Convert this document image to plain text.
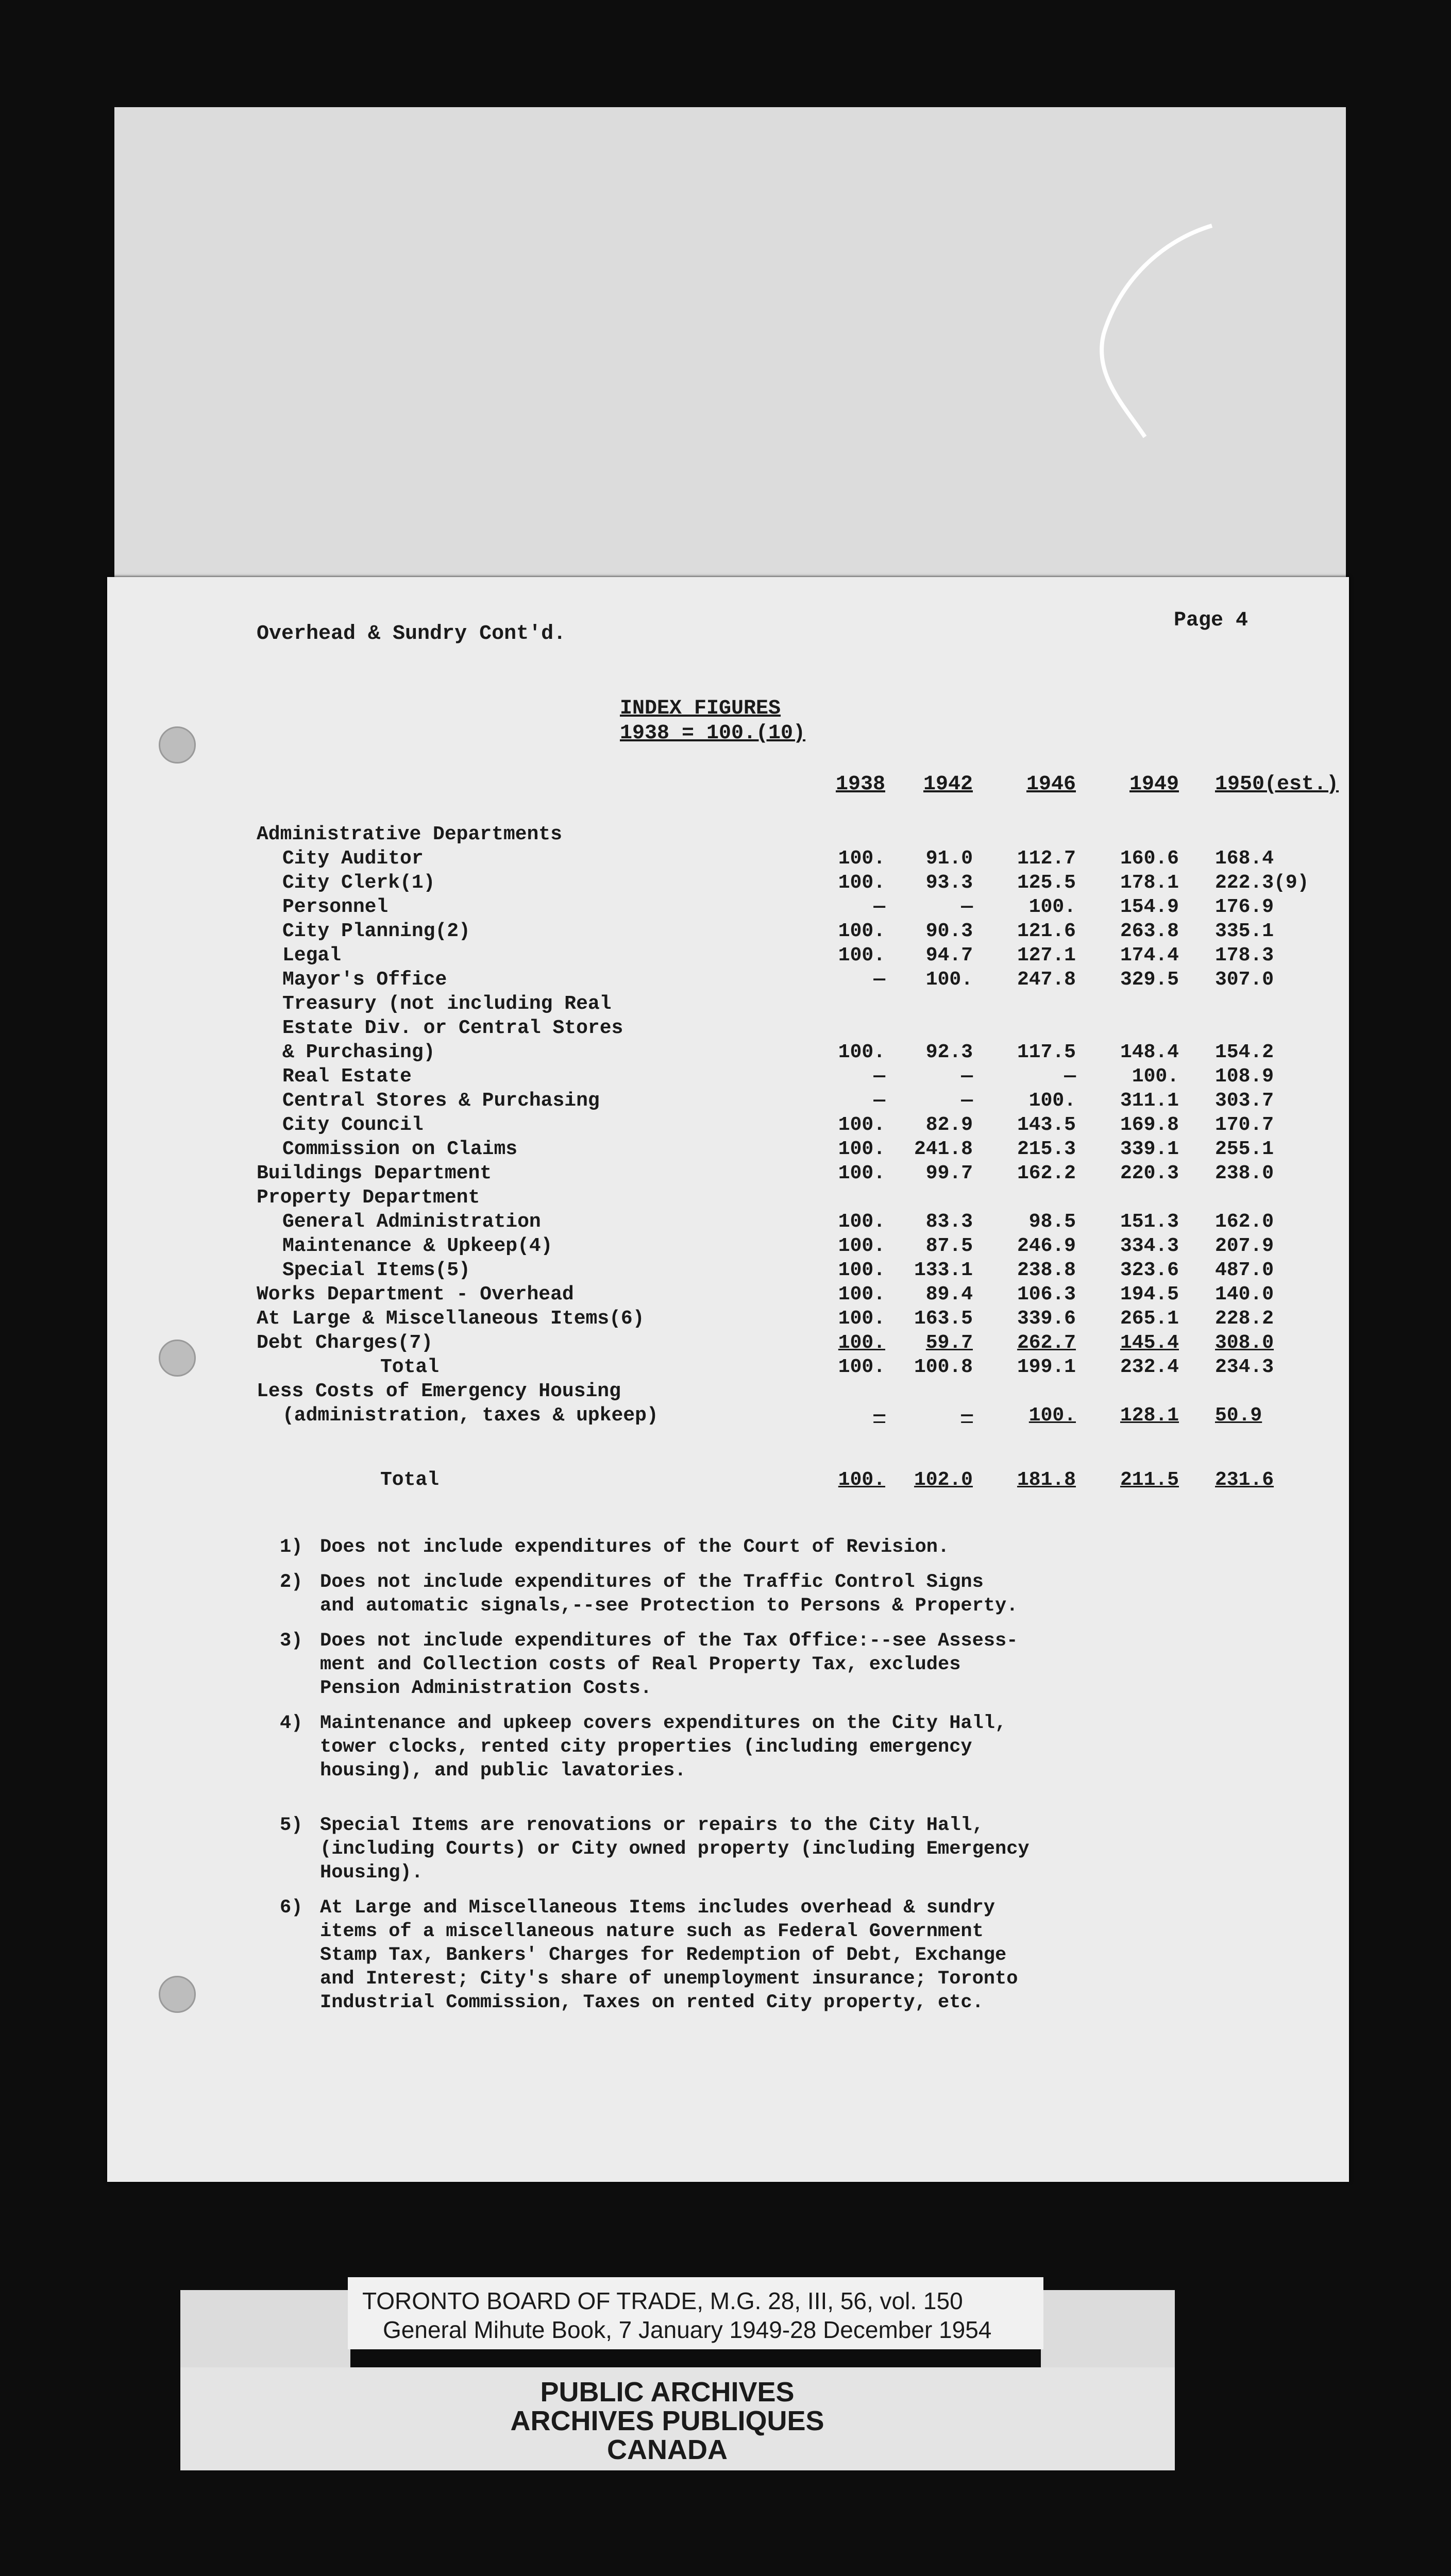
Overhead & Sundry Cont'd.
Page 4
INDEX FIGURES
1938 = 100.(10)
1938	1942	1946	1949 1950(est.)
Administrative Departments
City Auditor	100.	91.0	112.7	160.6 168.4
City Clerk(1)	100.	93.3	125.5	178.1 222.3(9)
Personnel	—	—	100.	154.9 176.9
City Planning(2)	100.	90.3	121.6	263.8 335.1
Legal	100.	94.7	127.1	174.4 178.3
Mayor's Office	—	100.	247.8	329.5 307.0
Treasury (not including Real
Estate Div. or Central Stores
& Purchasing)	100.	92.3	117.5	148.4 154.2
Real Estate	—	—	—	100. 108.9
Central Stores & Purchasing	—	—	100.	311.1 303.7
City Council	100.	82.9	143.5	169.8 170.7
Commission on Claims	100.	241.8	215.3	339.1 255.1
Buildings Department	100.	99.7	162.2	220.3 238.0
Property Department
General Administration	100.	83.3	98.5	151.3 162.0
Maintenance & Upkeep(4)	100.	87.5	246.9	334.3 207.9
Special Items(5)	100.	133.1	238.8	323.6 487.0
Works Department - Overhead	100.	89.4	106.3	194.5 140.0
At Large & Miscellaneous Items(6)	100.	163.5	339.6	265.1 228.2
Debt Charges(7)	100.	59.7	262.7	145.4 308.0
Total	100.	100.8	199.1	232.4 234.3
Less Costs of Emergency Housing
(administration, taxes & upkeep)	—	—	100.	128.1 50.9
Total	100.	102.0	181.8	211.5 231.6
1) Does not include expenditures of the Court of Revision.
2) Does not include expenditures of the Traffic Control Signs
and automatic signals,--see Protection to Persons & Property.
3) Does not include expenditures of the Tax Office:--see Assess-
ment and Collection costs of Real Property Tax, excludes
Pension Administration Costs.
4) Maintenance and upkeep covers expenditures on the City Hall,
tower clocks, rented city properties (including emergency
housing), and public lavatories.
5) Special Items are renovations or repairs to the City Hall,
(including Courts) or City owned property (including Emergency
Housing).
6) At Large and Miscellaneous Items includes overhead & sundry
items of a miscellaneous nature such as Federal Government
Stamp Tax, Bankers' Charges for Redemption of Debt, Exchange
and Interest; City's share of unemployment insurance; Toronto
Industrial Commission, Taxes on rented City property, etc.
PUBLIC ARCHIVES
ARCHIVES PUBLIQUES
CANADA
TORONTO BOARD OF TRADE, M.G. 28, III, 56, vol. 150
General Mihute Book, 7 January 1949-28 December 1954
